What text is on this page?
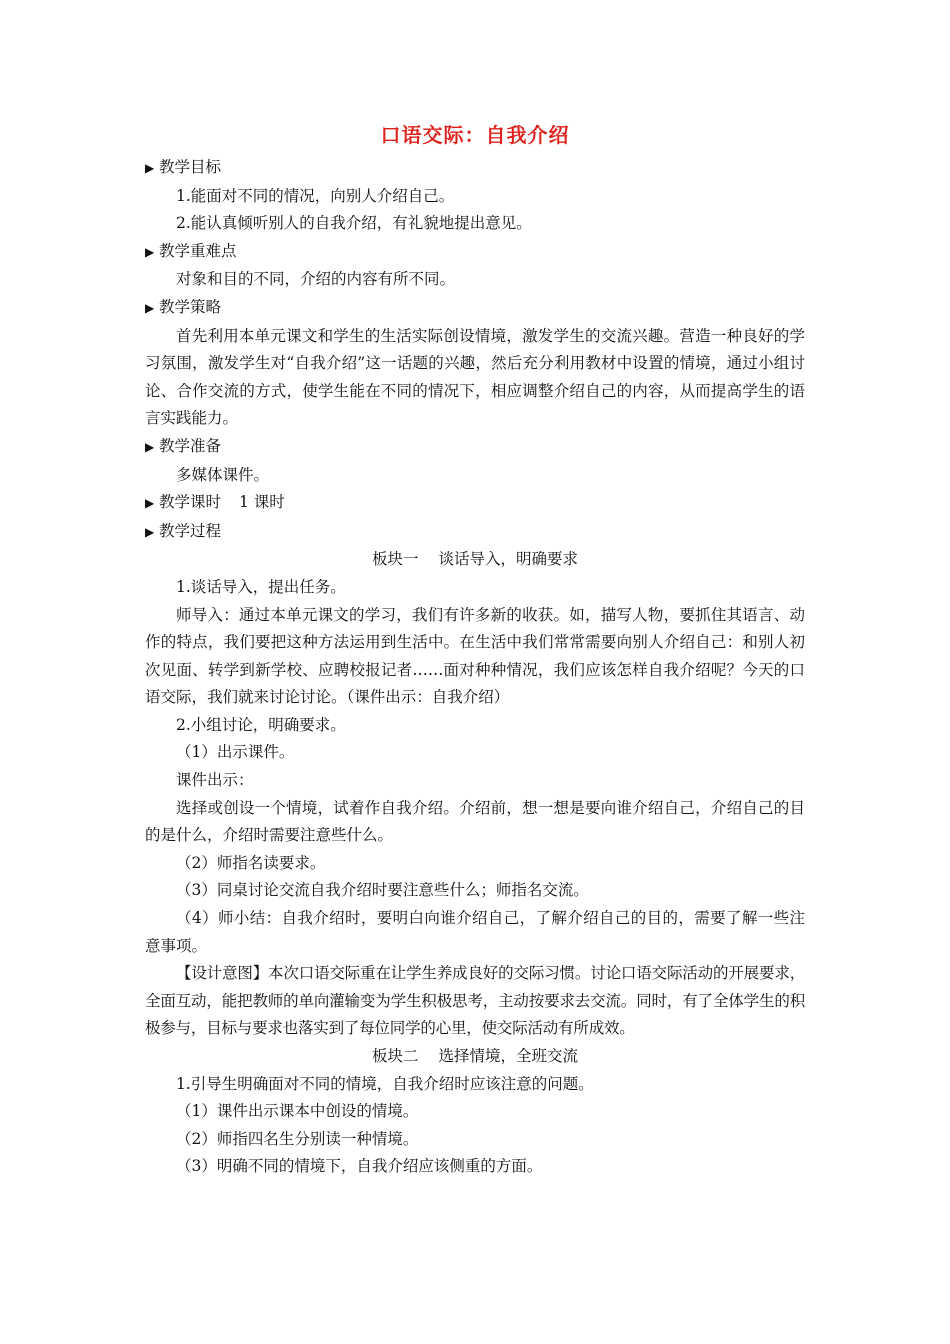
口语交际：自我介绍

▶ 教学目标

1.能面对不同的情况，向别人介绍自己。

2.能认真倾听别人的自我介绍，有礼貌地提出意见。

▶ 教学重难点

对象和目的不同，介绍的内容有所不同。

▶ 教学策略

首先利用本单元课文和学生的生活实际创设情境，激发学生的交流兴趣。营造一种良好的学习氛围，激发学生对“自我介绍”这一话题的兴趣，然后充分利用教材中设置的情境，通过小组讨论、合作交流的方式，使学生能在不同的情况下，相应调整介绍自己的内容，从而提高学生的语言实践能力。

▶ 教学准备

多媒体课件。

▶ 教学课时 1 课时

▶ 教学过程

板块一 谈话导入，明确要求

1.谈话导入，提出任务。

师导入：通过本单元课文的学习，我们有许多新的收获。如，描写人物，要抓住其语言、动作的特点，我们要把这种方法运用到生活中。在生活中我们常常需要向别人介绍自己：和别人初次见面、转学到新学校、应聘校报记者……面对种种情况，我们应该怎样自我介绍呢？今天的口语交际，我们就来讨论讨论。（课件出示：自我介绍）

2.小组讨论，明确要求。

（1）出示课件。

课件出示：

选择或创设一个情境，试着作自我介绍。介绍前，想一想是要向谁介绍自己，介绍自己的目的是什么，介绍时需要注意些什么。

（2）师指名读要求。

（3）同桌讨论交流自我介绍时要注意些什么；师指名交流。

（4）师小结：自我介绍时，要明白向谁介绍自己，了解介绍自己的目的，需要了解一些注意事项。

【设计意图】本次口语交际重在让学生养成良好的交际习惯。讨论口语交际活动的开展要求，全面互动，能把教师的单向灌输变为学生积极思考，主动按要求去交流。同时，有了全体学生的积极参与，目标与要求也落实到了每位同学的心里，使交际活动有所成效。

板块二 选择情境，全班交流

1.引导生明确面对不同的情境，自我介绍时应该注意的问题。

（1）课件出示课本中创设的情境。

（2）师指四名生分别读一种情境。

（3）明确不同的情境下，自我介绍应该侧重的方面。
